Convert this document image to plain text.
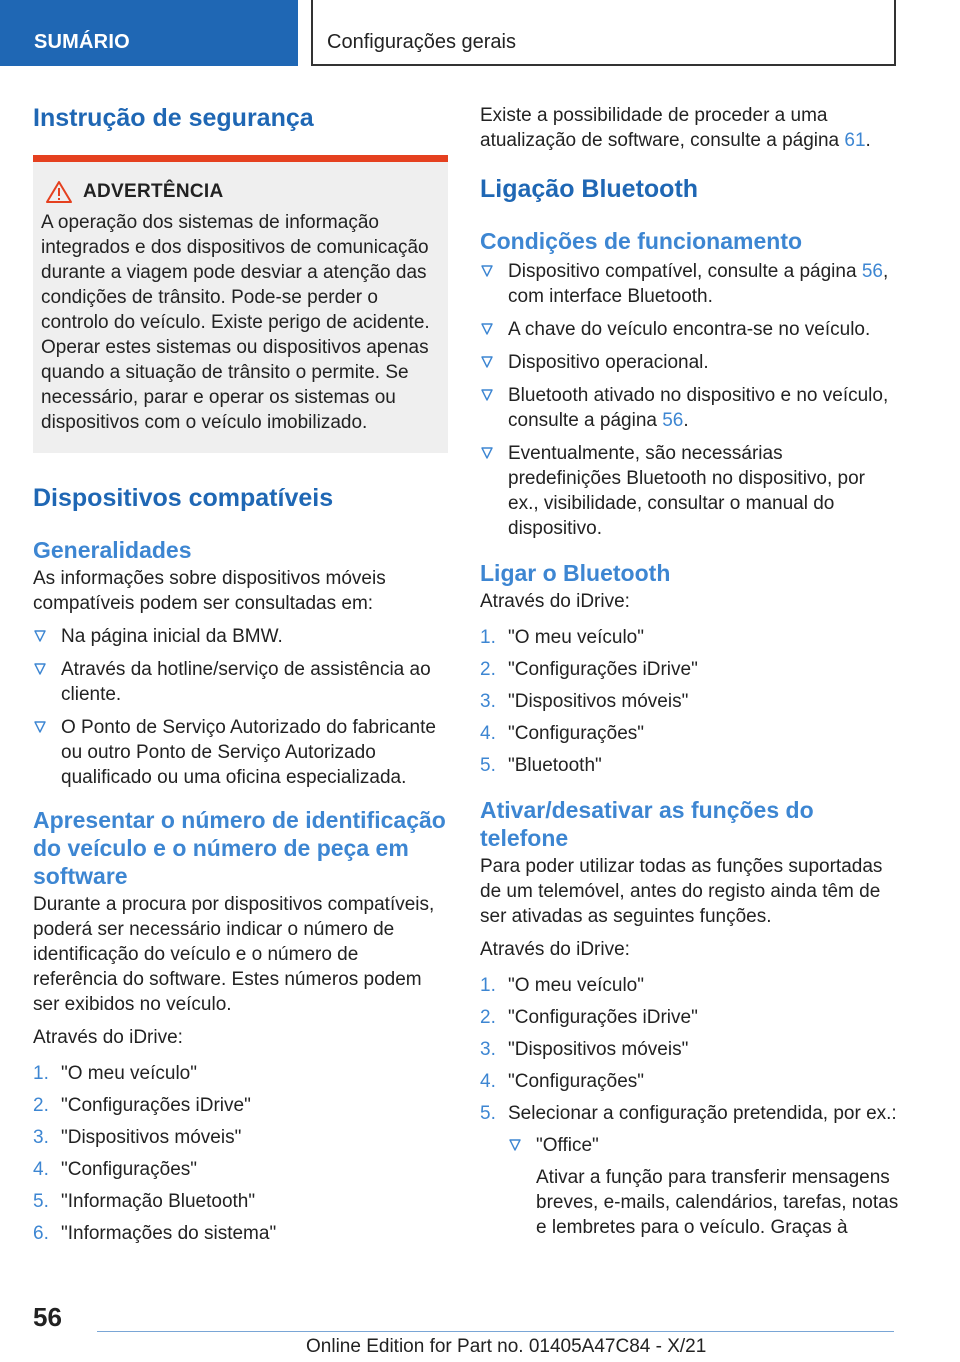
SUMÁRIO	Configurações gerais
Instrução de segurança
ADVERTÊNCIA
A operação dos sistemas de informação integrados e dos dispositivos de comunicação durante a viagem pode desviar a atenção das condições de trânsito. Pode-se perder o controlo do veículo. Existe perigo de acidente. Operar estes sistemas ou dispositivos apenas quando a situação de trânsito o permite. Se necessário, parar e operar os sistemas ou dispositivos com o veículo imobilizado.
Dispositivos compatíveis
Generalidades

As informações sobre dispositivos móveis compatíveis podem ser consultadas em:

Na página inicial da BMW.
Através da hotline/serviço de assistência ao cliente.
O Ponto de Serviço Autorizado do fabricante ou outro Ponto de Serviço Autorizado qualificado ou uma oficina especializada.
Apresentar o número de identificação do veículo e o número de peça em software

Durante a procura por dispositivos compatíveis, poderá ser necessário indicar o número de identificação do veículo e o número de referência do software. Estes números podem ser exibidos no veículo.

Através do iDrive:

1. "O meu veículo"
2. "Configurações iDrive"
3. "Dispositivos móveis"
4. "Configurações"
5. "Informação Bluetooth"
6. "Informações do sistema"

Existe a possibilidade de proceder a uma atualização de software, consulte a página 61.

Ligação Bluetooth
Condições de funcionamento
Dispositivo compatível, consulte a página 56, com interface Bluetooth.
A chave do veículo encontra-se no veículo.
Dispositivo operacional.
Bluetooth ativado no dispositivo e no veículo, consulte a página 56.
Eventualmente, são necessárias predefinições Bluetooth no dispositivo, por ex., visibilidade, consultar o manual do dispositivo.
Ligar o Bluetooth

Através do iDrive:

1. "O meu veículo"
2. "Configurações iDrive"
3. "Dispositivos móveis"
4. "Configurações"
5. "Bluetooth"
Ativar/desativar as funções do telefone

Para poder utilizar todas as funções suportadas de um telemóvel, antes do registo ainda têm de ser ativadas as seguintes funções.

Através do iDrive:

1. "O meu veículo"
2. "Configurações iDrive"
3. "Dispositivos móveis"
4. "Configurações"
5. Selecionar a configuração pretendida, por ex.:
"Office"
Ativar a função para transferir mensagens breves, e-mails, calendários, tarefas, notas e lembretes para o veículo. Graças à
56
Online Edition for Part no. 01405A47C84 - X/21
